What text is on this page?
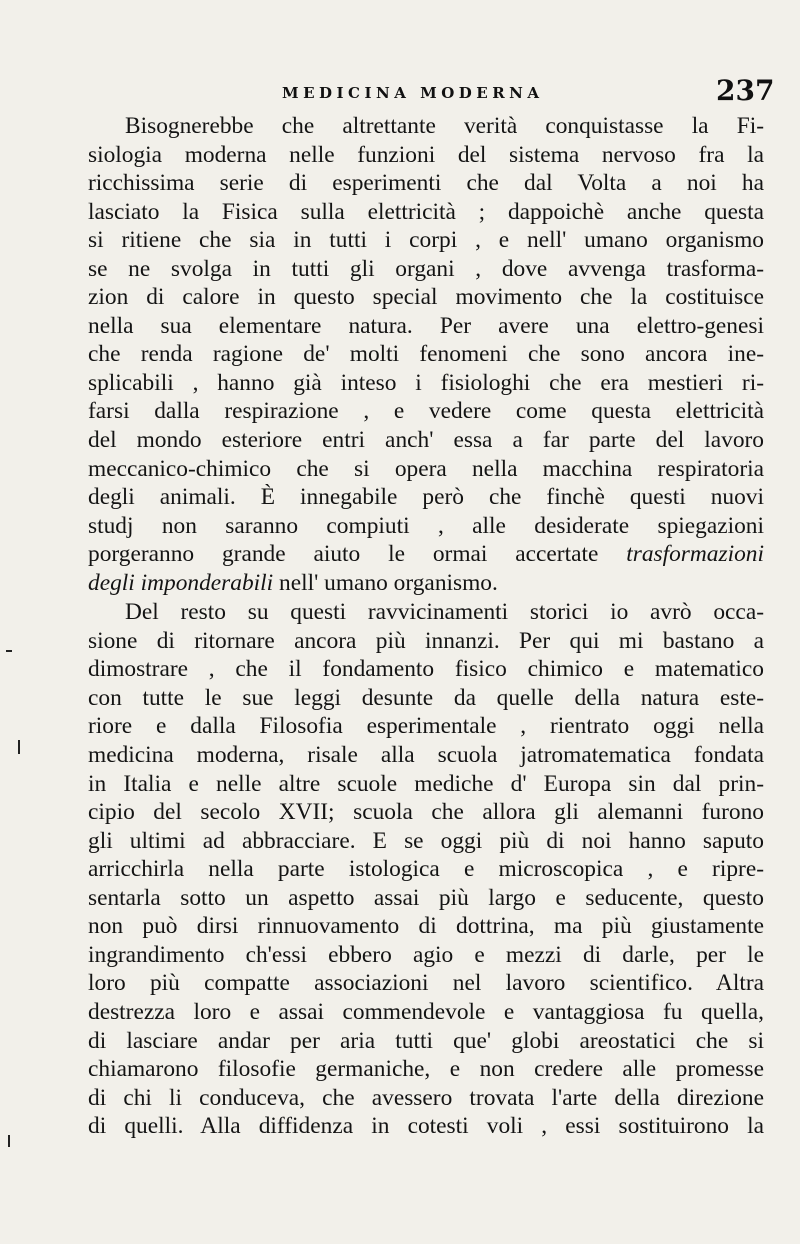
MEDICINA MODERNA	237
Bisognerebbe che altrettante verità conquistasse la Fi-
siologia moderna nelle funzioni del sistema nervoso fra la
ricchissima serie di esperimenti che dal Volta a noi ha
lasciato la Fisica sulla elettricità ; dappoichè anche questa
si ritiene che sia in tutti i corpi , e nell' umano organismo
se ne svolga in tutti gli organi , dove avvenga trasforma-
zion di calore in questo special movimento che la costituisce
nella sua elementare natura. Per avere una elettro-genesi
che renda ragione de' molti fenomeni che sono ancora ine-
splicabili , hanno già inteso i fisiologhi che era mestieri ri-
farsi dalla respirazione , e vedere come questa elettricità
del mondo esteriore entri anch' essa a far parte del lavoro
meccanico-chimico che si opera nella macchina respiratoria
degli animali. È innegabile però che finchè questi nuovi
studj non saranno compiuti , alle desiderate spiegazioni
porgeranno grande aiuto le ormai accertate trasformazioni
degli imponderabili nell' umano organismo.
Del resto su questi ravvicinamenti storici io avrò occa-
sione di ritornare ancora più innanzi. Per qui mi bastano a
dimostrare , che il fondamento fisico chimico e matematico
con tutte le sue leggi desunte da quelle della natura este-
riore e dalla Filosofia esperimentale , rientrato oggi nella
medicina moderna, risale alla scuola jatromatematica fondata
in Italia e nelle altre scuole mediche d' Europa sin dal prin-
cipio del secolo XVII; scuola che allora gli alemanni furono
gli ultimi ad abbracciare. E se oggi più di noi hanno saputo
arricchirla nella parte istologica e microscopica , e ripre-
sentarla sotto un aspetto assai più largo e seducente, questo
non può dirsi rinnuovamento di dottrina, ma più giustamente
ingrandimento ch'essi ebbero agio e mezzi di darle, per le
loro più compatte associazioni nel lavoro scientifico. Altra
destrezza loro e assai commendevole e vantaggiosa fu quella,
di lasciare andar per aria tutti que' globi areostatici che si
chiamarono filosofie germaniche, e non credere alle promesse
di chi li conduceva, che avessero trovata l'arte della direzione
di quelli. Alla diffidenza in cotesti voli , essi sostituirono la
